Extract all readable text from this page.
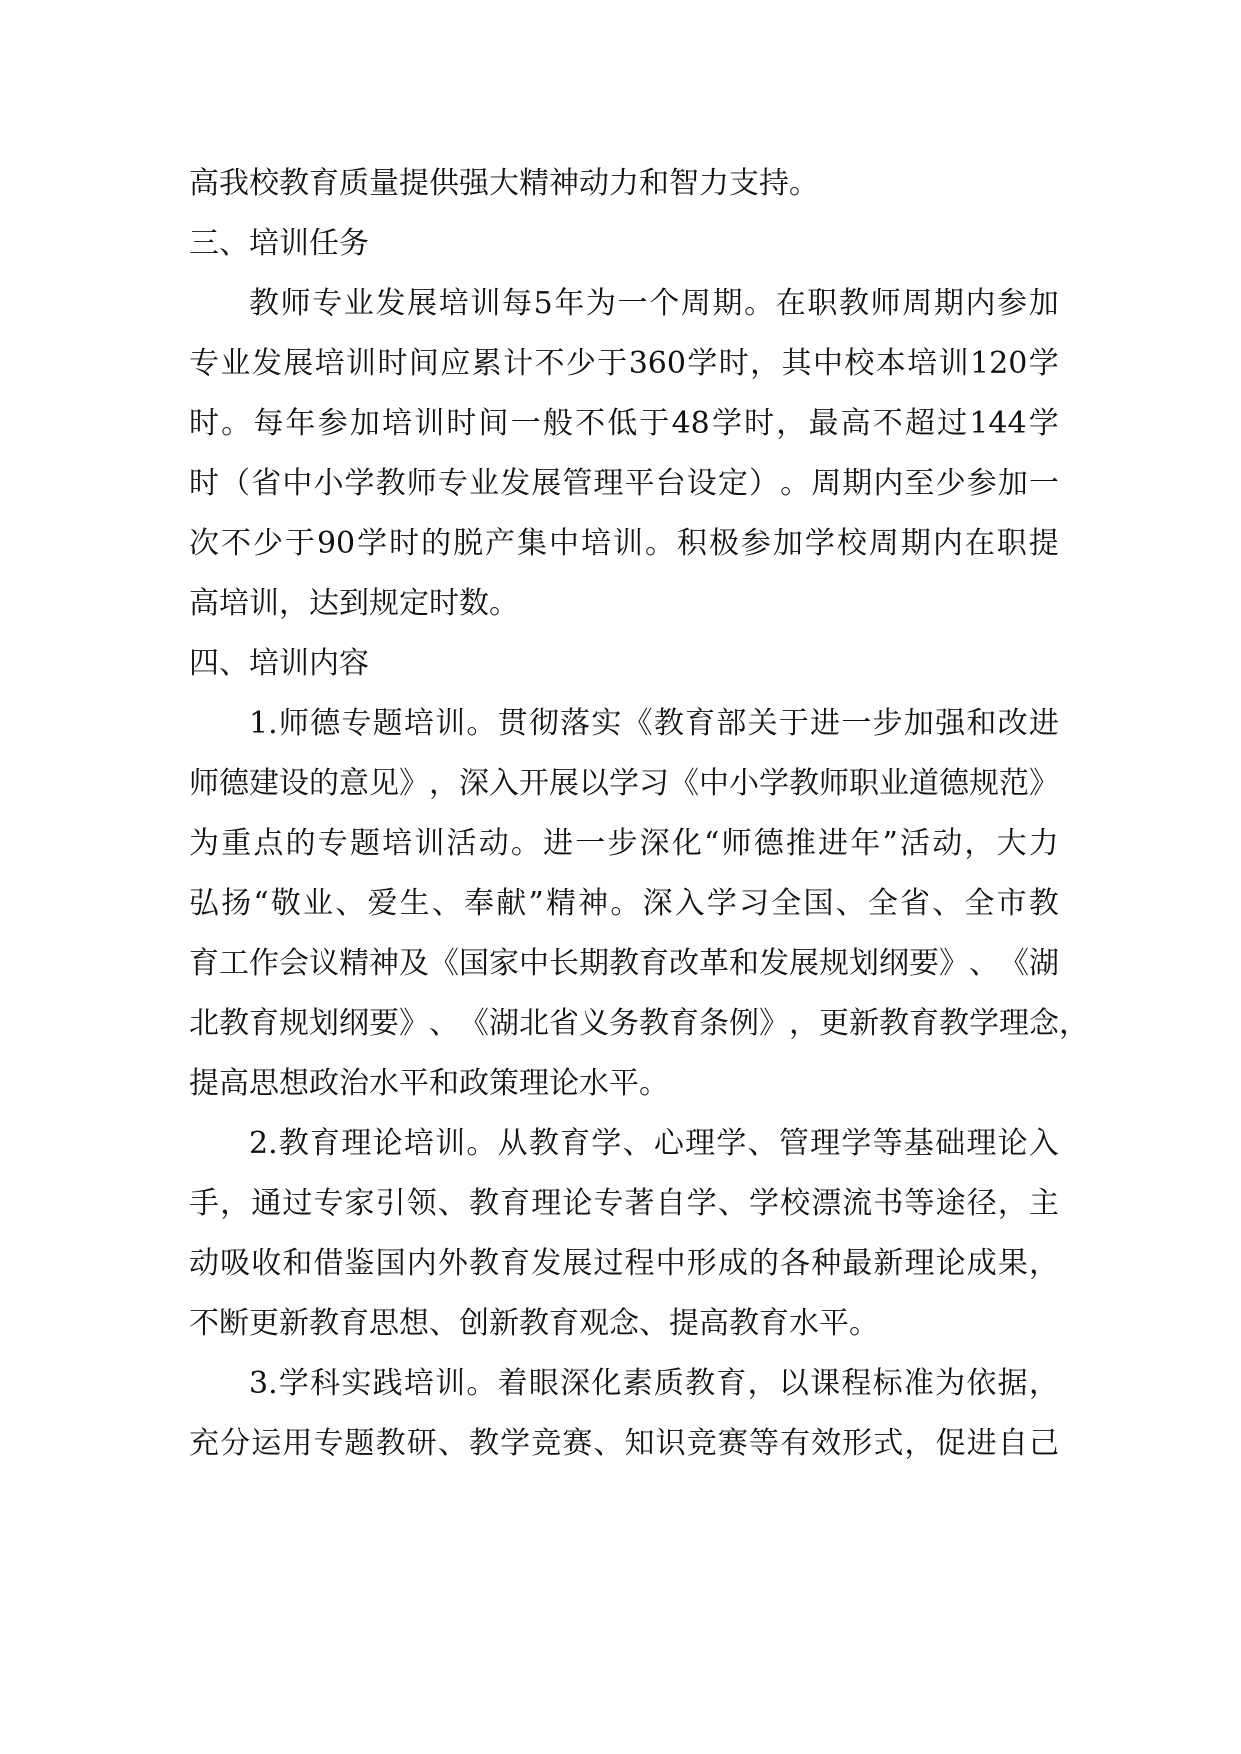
高我校教育质量提供强大精神动力和智力支持。
三、培训任务
教 师 专 业 发 展 培 训 每 5 年 为 一 个 周 期 。 在 职 教 师 周 期 内 参 加
专 业 发 展 培 训 时 间 应 累 计 不 少 于 360 学 时 ， 其 中 校 本 培 训 120 学
时 。 每 年 参 加 培 训 时 间 一 般 不 低 于 48 学 时 ， 最 高 不 超 过 144 学
时 （ 省 中 小 学 教 师 专 业 发 展 管 理 平 台 设 定 ） 。 周 期 内 至 少 参 加 一
次 不 少 于 90 学 时 的 脱 产 集 中 培 训 。 积 极 参 加 学 校 周 期 内 在 职 提
高培训，达到规定时数。
四、培训内容
1. 师 德 专 题 培 训 。 贯 彻 落 实 《 教 育 部 关 于 进 一 步 加 强 和 改 进
师 德 建 设 的 意 见 》 ， 深 入 开 展 以 学 习 《 中 小 学 教 师 职 业 道 德 规 范 》
为 重 点 的 专 题 培 训 活 动 。 进 一 步 深 化 “ 师 德 推 进 年 ” 活 动 ， 大 力
弘 扬 “ 敬 业 、 爱 生 、 奉 献 ” 精 神 。 深 入 学 习 全 国 、 全 省 、 全 市 教
育 工 作 会 议 精 神 及 《 国 家 中 长 期 教 育 改 革 和 发 展 规 划 纲 要 》 、 《 湖
北 教 育 规 划 纲 要 》 、 《 湖 北 省 义 务 教 育 条 例 》 ， 更 新 教 育 教 学 理 念 ，
提高思想政治水平和政策理论水平。
2. 教 育 理 论 培 训 。 从 教 育 学 、 心 理 学 、 管 理 学 等 基 础 理 论 入
手 ， 通 过 专 家 引 领 、 教 育 理 论 专 著 自 学 、 学 校 漂 流 书 等 途 径 ， 主
动 吸 收 和 借 鉴 国 内 外 教 育 发 展 过 程 中 形 成 的 各 种 最 新 理 论 成 果 ，
不断更新教育思想、创新教育观念、提高教育水平。
3. 学 科 实 践 培 训 。 着 眼 深 化 素 质 教 育 ， 以 课 程 标 准 为 依 据 ，
充 分 运 用 专 题 教 研 、 教 学 竞 赛 、 知 识 竞 赛 等 有 效 形 式 ， 促 进 自 己
